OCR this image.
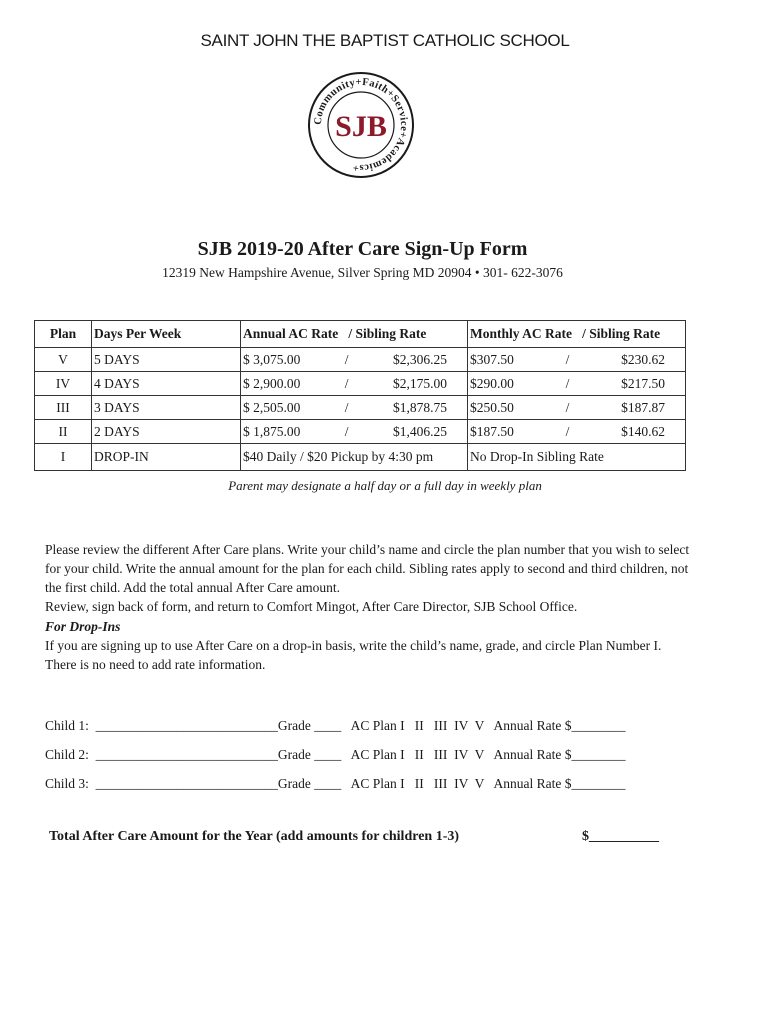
SAINT JOHN THE BAPTIST CATHOLIC SCHOOL
Community+Faith+Service+Academics+
SJB
SJB 2019-20 After Care Sign-Up Form
12319 New Hampshire Avenue, Silver Spring MD 20904 • 301- 622-3076
Plan	Days Per Week	Annual AC Rate   / Sibling Rate	Monthly AC Rate   / Sibling Rate
V	5 DAYS	$ 3,075.00 / $2,306.25	$307.50 / $230.62

IV	4 DAYS	$ 2,900.00 / $2,175.00	$290.00 / $217.50

III	3 DAYS	$ 2,505.00 / $1,878.75	$250.50 / $187.87

II	2 DAYS	$ 1,875.00 / $1,406.25	$187.50 / $140.62

I	DROP-IN	$40 Daily / $20 Pickup by 4:30 pm	No Drop-In Sibling Rate
Parent may designate a half day or a full day in weekly plan
Please review the different After Care plans. Write your child’s name and circle the plan number that you wish to select for your child. Write the annual amount for the plan for each child. Sibling rates apply to second and third children, not the first child. Add the total annual After Care amount.
Review, sign back of form, and return to Comfort Mingot, After Care Director, SJB School Office.
For Drop-Ins
If you are signing up to use After Care on a drop-in basis, write the child’s name, grade, and circle Plan Number I. There is no need to add rate information.
Child 1:  ___________________________Grade ____   AC Plan I   II   III  IV  V   Annual Rate $________
Child 2:  ___________________________Grade ____   AC Plan I   II   III  IV  V   Annual Rate $________
Child 3:  ___________________________Grade ____   AC Plan I   II   III  IV  V   Annual Rate $________
Total After Care Amount for the Year (add amounts for children 1-3)	$__________
